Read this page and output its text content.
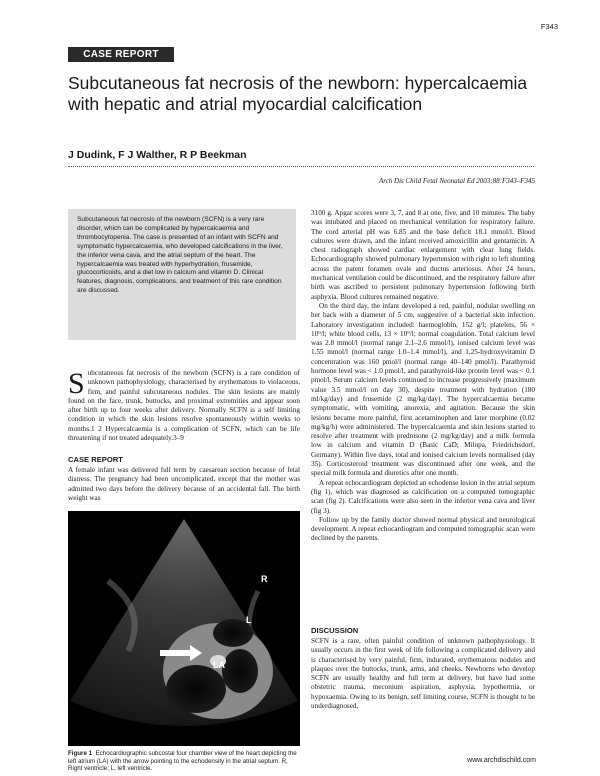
F343
CASE REPORT
Subcutaneous fat necrosis of the newborn: hypercalcaemia with hepatic and atrial myocardial calcification
J Dudink, F J Walther, R P Beekman
Arch Dis Child Fetal Neonatal Ed 2003;88:F343–F345

Subcutaneous fat necrosis of the newborn (SCFN) is a very rare disorder, which can be complicated by hypercalcaemia and thrombocytopenia. The case is presented of an infant with SCFN and symptomatic hypercalcaemia, who developed calcifications in the liver, the inferior vena cava, and the atrial septum of the heart. The hypercalcaemia was treated with hyperhydration, frusemide, glucocorticoids, and a diet low in calcium and vitamin D. Clinical features, diagnosis, complications, and treatment of this rare condition are discussed.

S ubcutaneous fat necrosis of the newborn (SCFN) is a rare condition of unknown pathophysiology, characterised by erythematous to violaceous, firm, and painful subcutaneous nodules. The skin lesions are mainly found on the face, trunk, buttocks, and proximal extremities and appear soon after birth up to four weeks after delivery. Normally SCFN is a self limiting condition in which the skin lesions resolve spontaneously within weeks to months.1 2 Hypercalcaemia is a complication of SCFN, which can be life threatening if not treated adequately.3–9

CASE REPORT

A female infant was delivered full term by caesarean section because of fetal distress. The pregnancy had been uncomplicated, except that the mother was admitted two days before the delivery because of an accidental fall. The birth weight was

R
L
LA

Figure 1 Echocardiographic subcostal four chamber view of the heart depicting the left atrium (LA) with the arrow pointing to the echodensity in the atrial septum. R, Right ventricle; L, left ventricle.

3100 g. Apgar scores were 3, 7, and 8 at one, five, and 10 minutes. The baby was intubated and placed on mechanical ventilation for respiratory failure. The cord arterial pH was 6.85 and the base deficit 18.1 mmol/l. Blood cultures were drawn, and the infant received amoxicillin and gentamicin. A chest radiograph showed cardiac enlargement with clear lung fields. Echocardiography showed pulmonary hypertension with right to left shunting across the patent foramen ovale and ductus arteriosus. After 24 hours, mechanical ventilation could be discontinued, and the respiratory failure after birth was ascribed to persistent pulmonary hypertension following birth asphyxia. Blood cultures remained negative.

On the third day, the infant developed a red, painful, nodular swelling on her back with a diameter of 5 cm, suggestive of a bacterial skin infection. Laboratory investigation included: haemoglobin, 152 g/l; platelets, 56 × 10⁹/l; white blood cells, 13 × 10⁹/l; normal coagulation. Total calcium level was 2.8 mmol/l (normal range 2.1–2.6 mmol/l), ionised calcium level was 1.55 mmol/l (normal range 1.0–1.4 mmol/l), and 1,25-hydroxyvitamin D concentration was 160 pmol/l (normal range 40–140 pmol/l). Parathyroid hormone level was < 1.0 pmol/l, and parathyroid-like protein level was < 0.1 pmol/l. Serum calcium levels continued to increase progressively (maximum value 3.5 mmol/l on day 30), despite treatment with hydration (180 ml/kg/day) and frusemide (2 mg/kg/day). The hypercalcaemia became symptomatic, with vomiting, anorexia, and agitation. Because the skin lesions became more painful, first acetaminophen and later morphine (0.02 mg/kg/h) were administered. The hypercalcaemia and skin lesions started to resolve after treatment with prednisone (2 mg/kg/day) and a milk formula low in calcium and vitamin D (Basic CaD; Milupa, Friedrichsdorf, Germany). Within five days, total and ionised calcium levels normalised (day 35). Corticosteroid treatment was discontinued after one week, and the special milk formula and diuretics after one month.

A repeat echocardiogram depicted an echodense lesion in the atrial septum (fig 1), which was diagnosed as calcification on a computed tomographic scan (fig 2). Calcifications were also seen in the inferior vena cava and liver (fig 3).

Follow up by the family doctor showed normal physical and neurological development. A repeat echocardiogram and computed tomographic scan were declined by the parents.

DISCUSSION

SCFN is a rare, often painful condition of unknown pathophysiology. It usually occurs in the first week of life following a complicated delivery and is characterised by very painful, firm, indurated, erythematous nodules and plaques over the buttocks, trunk, arms, and cheeks. Newborns who develop SCFN are usually healthy and full term at delivery, but have had some obstetric trauma, meconium aspiration, asphyxia, hypothermia, or hypoxaemia. Owing to its benign, self limiting course, SCFN is thought to be underdiagnosed,

www.archdischild.com
